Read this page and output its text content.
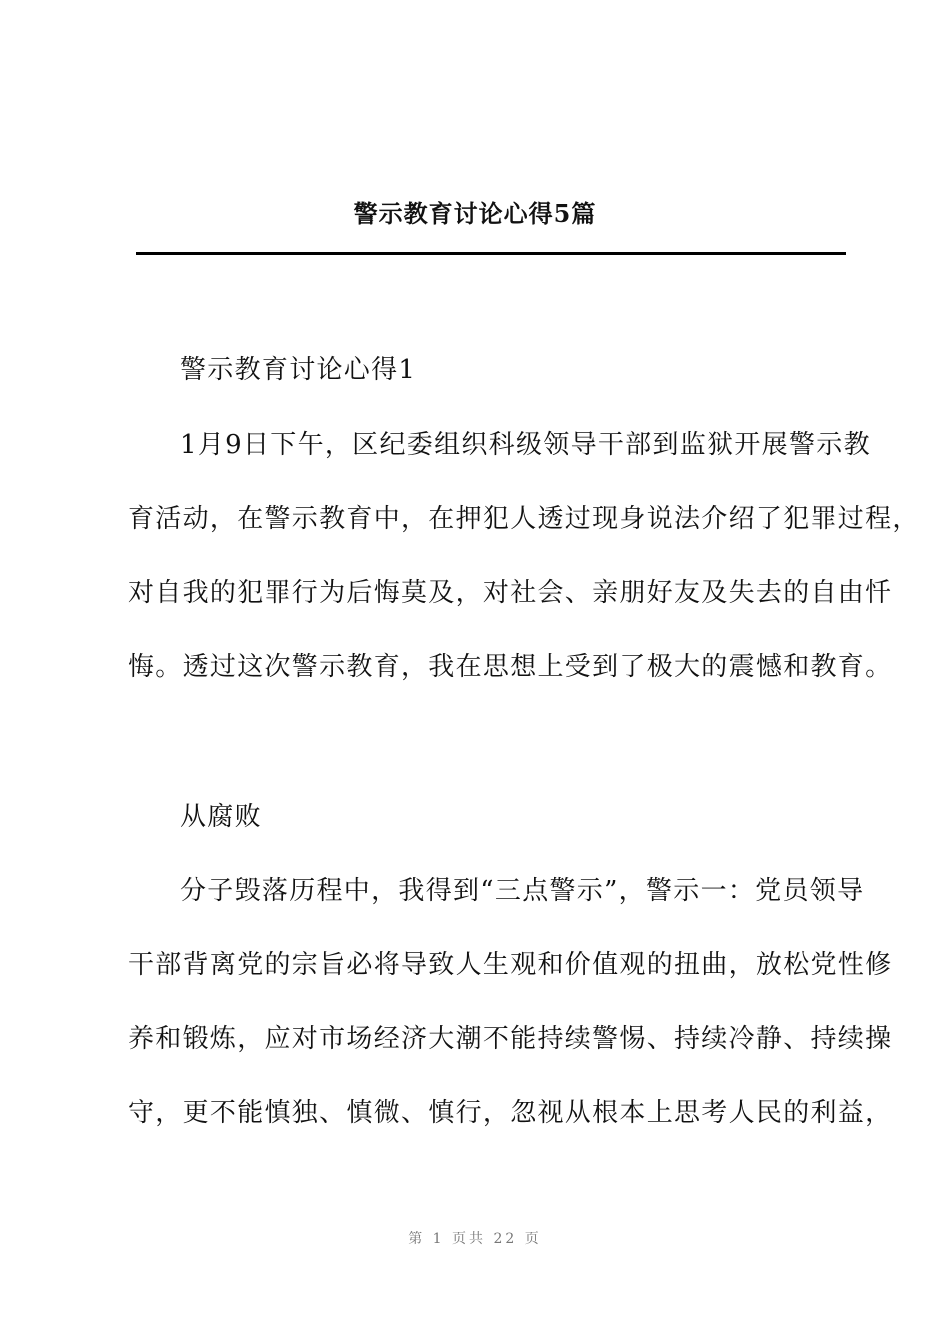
警示教育讨论心得5篇
警示教育讨论心得1
1月9日下午，区纪委组织科级领导干部到监狱开展警示教
育活动，在警示教育中，在押犯人透过现身说法介绍了犯罪过程，
对自我的犯罪行为后悔莫及，对社会、亲朋好友及失去的自由忏
悔。透过这次警示教育，我在思想上受到了极大的震憾和教育。
从腐败
分子毁落历程中，我得到“三点警示”，警示一：党员领导
干部背离党的宗旨必将导致人生观和价值观的扭曲，放松党性修
养和锻炼，应对市场经济大潮不能持续警惕、持续冷静、持续操
守，更不能慎独、慎微、慎行，忽视从根本上思考人民的利益，
第 1 页共 22 页
